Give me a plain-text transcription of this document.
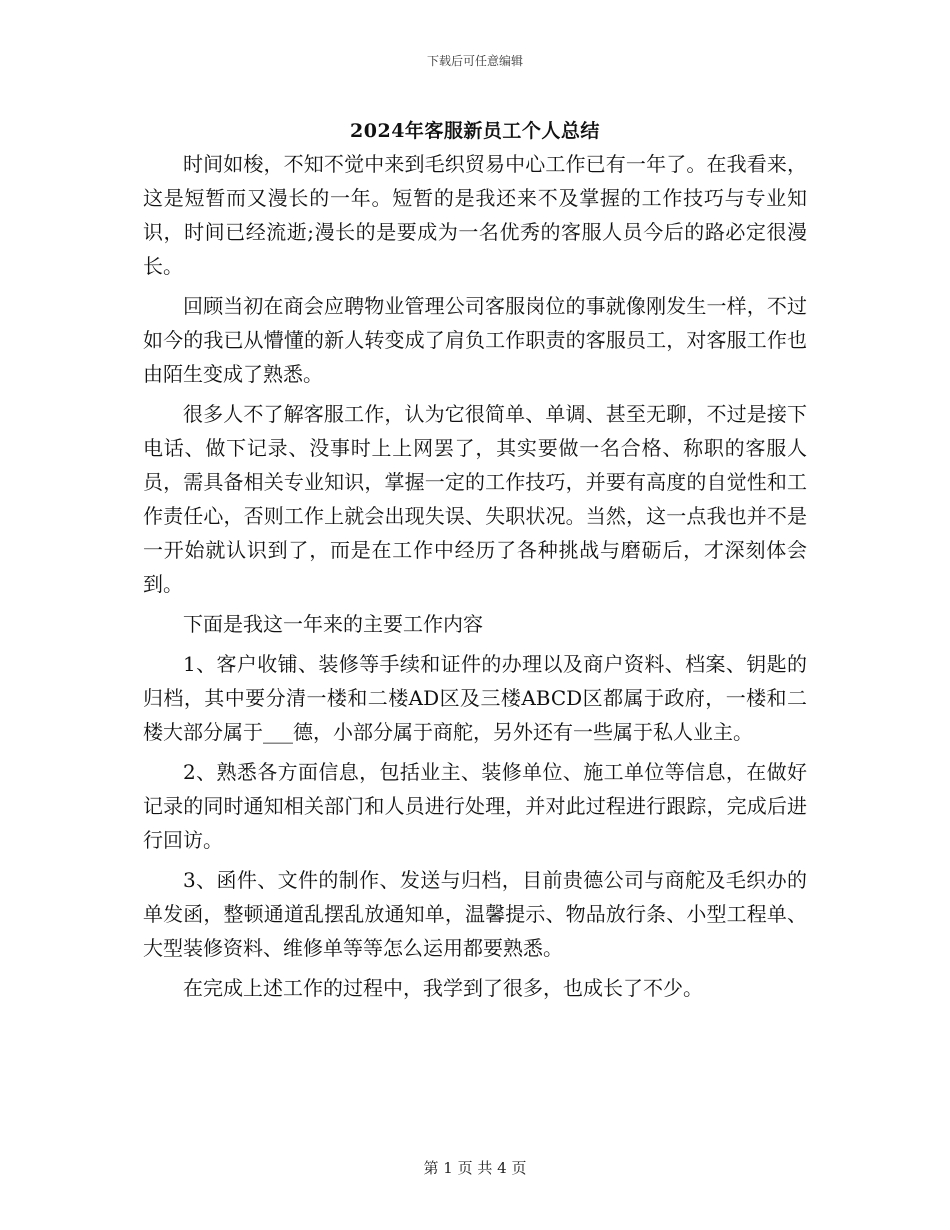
下载后可任意编辑
2024年客服新员工个人总结

时间如梭，不知不觉中来到毛织贸易中心工作已有一年了。在我看来，这是短暂而又漫长的一年。短暂的是我还来不及掌握的工作技巧与专业知识，时间已经流逝;漫长的是要成为一名优秀的客服人员今后的路必定很漫长。

回顾当初在商会应聘物业管理公司客服岗位的事就像刚发生一样，不过如今的我已从懵懂的新人转变成了肩负工作职责的客服员工，对客服工作也由陌生变成了熟悉。

很多人不了解客服工作，认为它很简单、单调、甚至无聊，不过是接下电话、做下记录、没事时上上网罢了，其实要做一名合格、称职的客服人员，需具备相关专业知识，掌握一定的工作技巧，并要有高度的自觉性和工作责任心，否则工作上就会出现失误、失职状况。当然，这一点我也并不是一开始就认识到了，而是在工作中经历了各种挑战与磨砺后，才深刻体会到。

下面是我这一年来的主要工作内容

1、客户收铺、装修等手续和证件的办理以及商户资料、档案、钥匙的归档，其中要分清一楼和二楼AD区及三楼ABCD区都属于政府，一楼和二楼大部分属于___德，小部分属于商舵，另外还有一些属于私人业主。

2、熟悉各方面信息，包括业主、装修单位、施工单位等信息，在做好记录的同时通知相关部门和人员进行处理，并对此过程进行跟踪，完成后进行回访。

3、函件、文件的制作、发送与归档，目前贵德公司与商舵及毛织办的单发函，整顿通道乱摆乱放通知单，温馨提示、物品放行条、小型工程单、大型装修资料、维修单等等怎么运用都要熟悉。

在完成上述工作的过程中，我学到了很多，也成长了不少。

第 1 页 共 4 页
